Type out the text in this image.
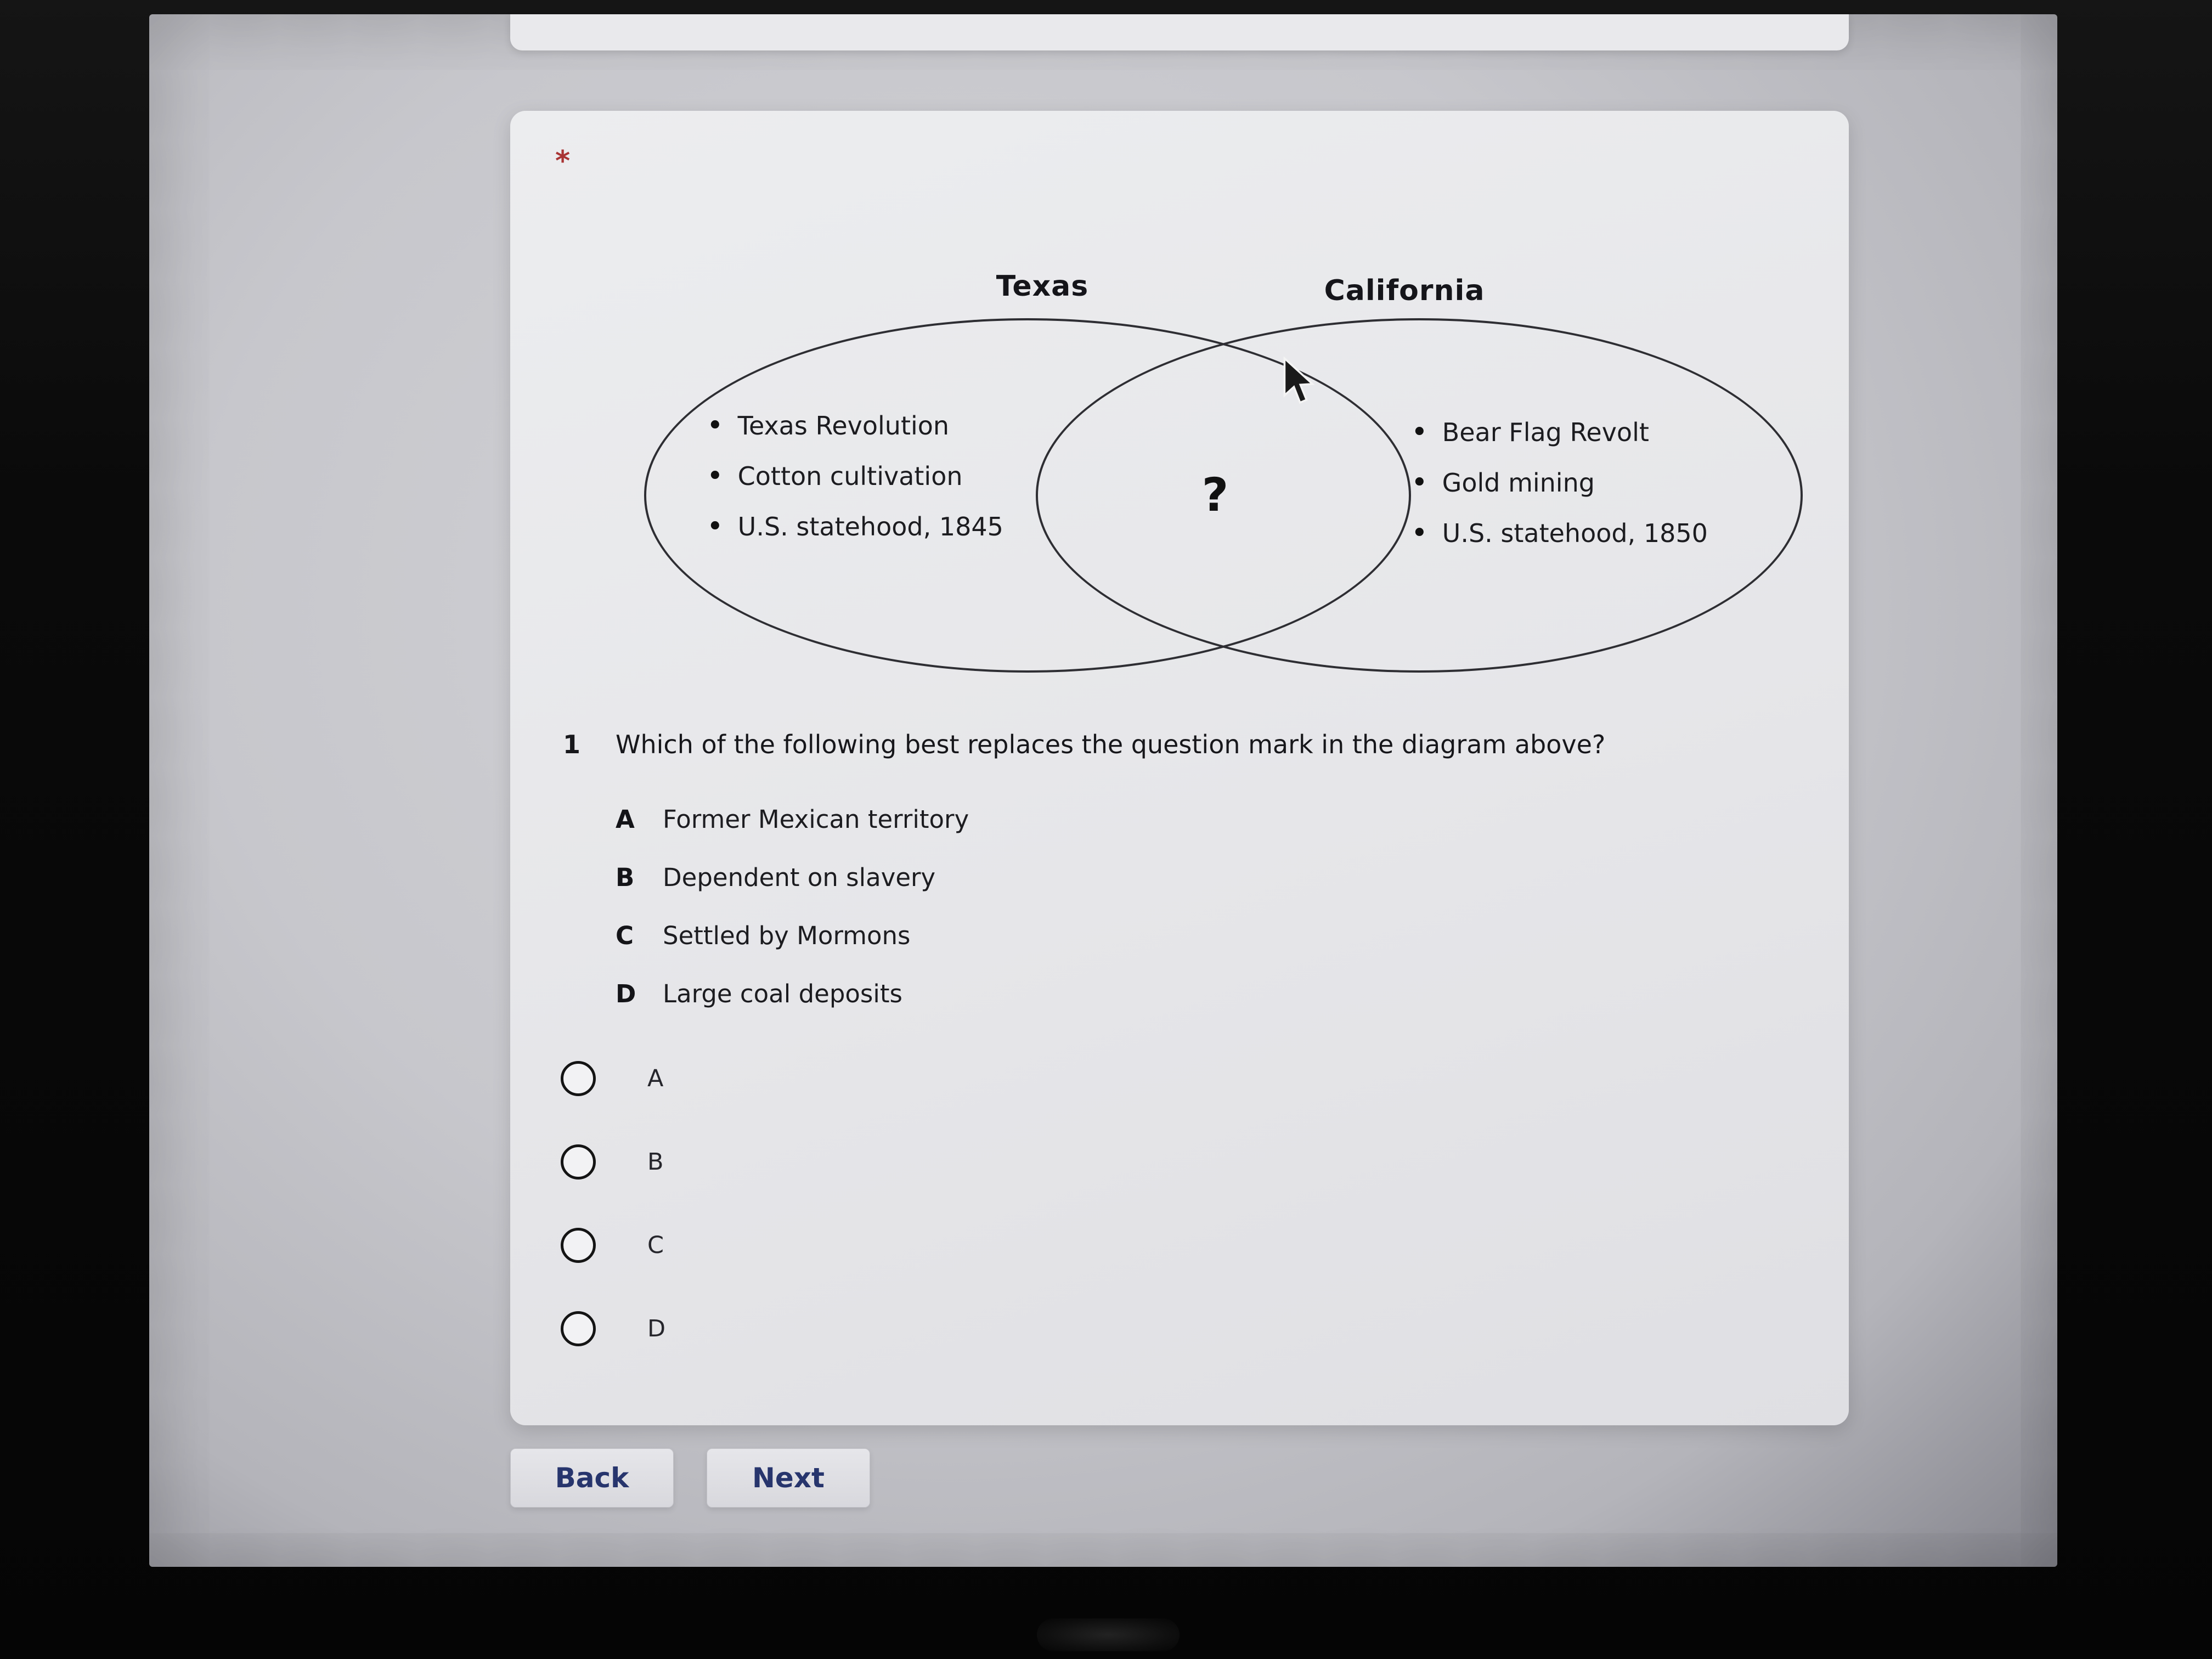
*
Texas	California
• Texas Revolution
• Cotton cultivation
• U.S. statehood, 1845
?
• Bear Flag Revolt
• Gold mining
• U.S. statehood, 1850
1	Which of the following best replaces the question mark in the diagram above?
A	Former Mexican territory
B	Dependent on slavery
C	Settled by Mormons
D	Large coal deposits
A
B
C
D
Back	Next
